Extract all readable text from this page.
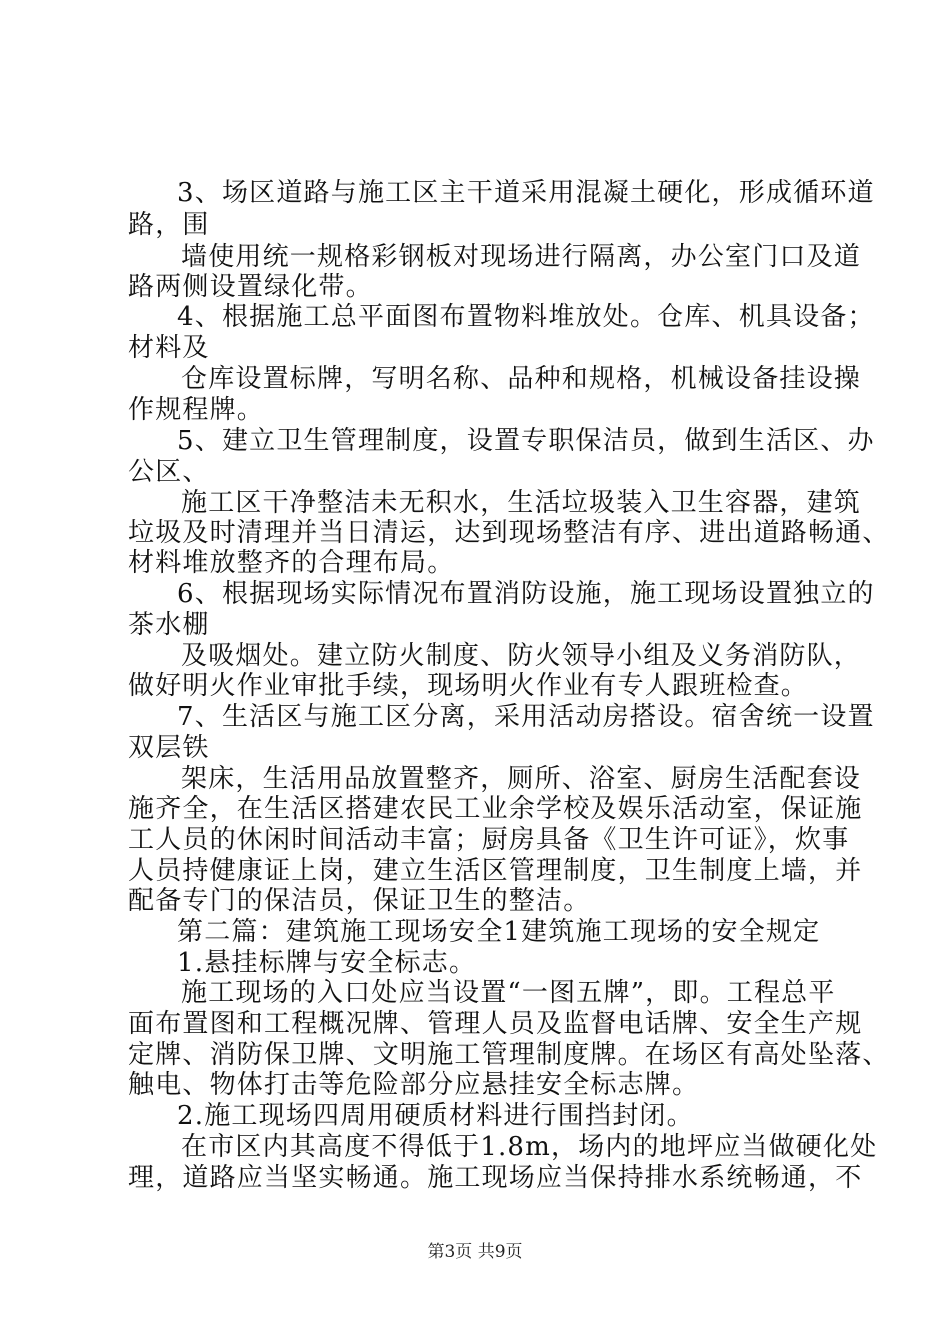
3、场区道路与施工区主干道采用混凝土硬化，形成循环道
路，围
墙使用统一规格彩钢板对现场进行隔离，办公室门口及道
路两侧设置绿化带。
4、根据施工总平面图布置物料堆放处。仓库、机具设备；
材料及
仓库设置标牌，写明名称、品种和规格，机械设备挂设操
作规程牌。
5、建立卫生管理制度，设置专职保洁员，做到生活区、办
公区、
施工区干净整洁未无积水，生活垃圾装入卫生容器，建筑
垃圾及时清理并当日清运，达到现场整洁有序、进出道路畅通、
材料堆放整齐的合理布局。
6、根据现场实际情况布置消防设施，施工现场设置独立的
茶水棚
及吸烟处。建立防火制度、防火领导小组及义务消防队，
做好明火作业审批手续，现场明火作业有专人跟班检查。
7、生活区与施工区分离，采用活动房搭设。宿舍统一设置
双层铁
架床，生活用品放置整齐，厕所、浴室、厨房生活配套设
施齐全，在生活区搭建农民工业余学校及娱乐活动室，保证施
工人员的休闲时间活动丰富；厨房具备《卫生许可证》，炊事
人员持健康证上岗，建立生活区管理制度，卫生制度上墙，并
配备专门的保洁员，保证卫生的整洁。
第二篇：建筑施工现场安全1建筑施工现场的安全规定
1.悬挂标牌与安全标志。
施工现场的入口处应当设置“一图五牌”，即。工程总平
面布置图和工程概况牌、管理人员及监督电话牌、安全生产规
定牌、消防保卫牌、文明施工管理制度牌。在场区有高处坠落、
触电、物体打击等危险部分应悬挂安全标志牌。
2.施工现场四周用硬质材料进行围挡封闭。
在市区内其高度不得低于1.8m，场内的地坪应当做硬化处
理，道路应当坚实畅通。施工现场应当保持排水系统畅通，不
第3页 共9页
